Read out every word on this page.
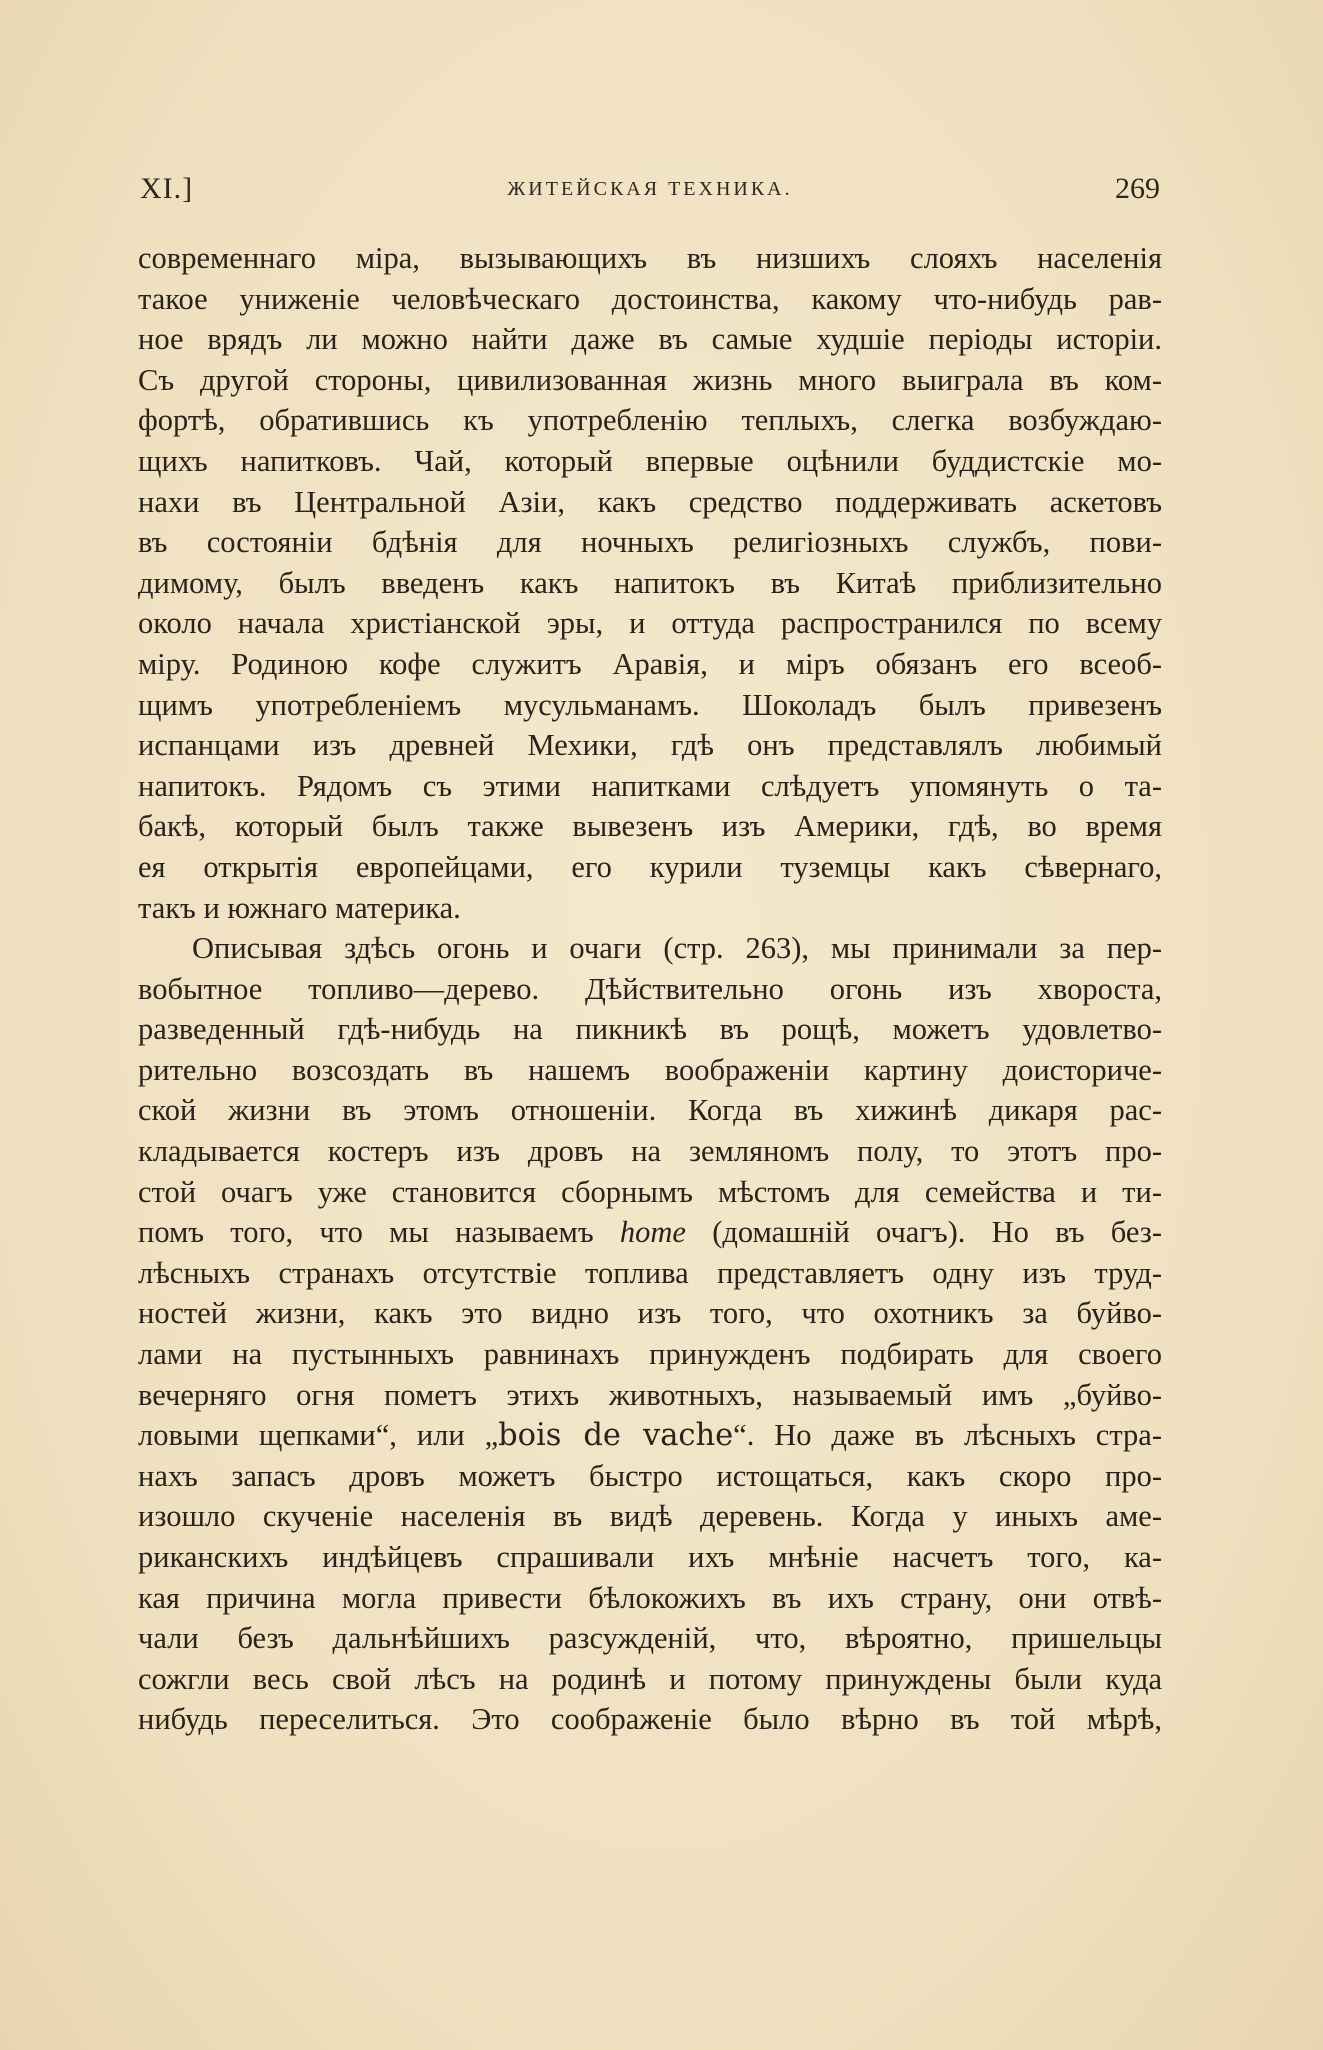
XI.]	ЖИТЕЙСКАЯ ТЕХНИКА.	269
современнаго міра, вызывающихъ въ низшихъ слояхъ населенія
такое униженіе человѣческаго достоинства, какому что-нибудь рав-
ное врядъ ли можно найти даже въ самые худшіе періоды исторіи.
Съ другой стороны, цивилизованная жизнь много выиграла въ ком-
фортѣ, обратившись къ употребленію теплыхъ, слегка возбуждаю-
щихъ напитковъ. Чай, который впервые оцѣнили буддистскіе мо-
нахи въ Центральной Азіи, какъ средство поддерживать аскетовъ
въ состояніи бдѣнія для ночныхъ религіозныхъ службъ, пови-
димому, былъ введенъ какъ напитокъ въ Китаѣ приблизительно
около начала христіанской эры, и оттуда распространился по всему
міру. Родиною кофе служитъ Аравія, и міръ обязанъ его всеоб-
щимъ употребленіемъ мусульманамъ. Шоколадъ былъ привезенъ
испанцами изъ древней Мехики, гдѣ онъ представлялъ любимый
напитокъ. Рядомъ съ этими напитками слѣдуетъ упомянуть о та-
бакѣ, который былъ также вывезенъ изъ Америки, гдѣ, во время
ея открытія европейцами, его курили туземцы какъ сѣвернаго,
такъ и южнаго материка.
Описывая здѣсь огонь и очаги (стр. 263), мы принимали за пер-
вобытное топливо—дерево. Дѣйствительно огонь изъ хвороста,
разведенный гдѣ-нибудь на пикникѣ въ рощѣ, можетъ удовлетво-
рительно возсоздать въ нашемъ воображеніи картину доисториче-
ской жизни въ этомъ отношеніи. Когда въ хижинѣ дикаря рас-
кладывается костеръ изъ дровъ на земляномъ полу, то этотъ про-
стой очагъ уже становится сборнымъ мѣстомъ для семейства и ти-
помъ того, что мы называемъ home (домашній очагъ). Но въ без-
лѣсныхъ странахъ отсутствіе топлива представляетъ одну изъ труд-
ностей жизни, какъ это видно изъ того, что охотникъ за буйво-
лами на пустынныхъ равнинахъ принужденъ подбирать для своего
вечерняго огня пометъ этихъ животныхъ, называемый имъ „буйво-
ловыми щепками“, или „bois de vache“. Но даже въ лѣсныхъ стра-
нахъ запасъ дровъ можетъ быстро истощаться, какъ скоро про-
изошло скученіе населенія въ видѣ деревень. Когда у иныхъ аме-
риканскихъ индѣйцевъ спрашивали ихъ мнѣніе насчетъ того, ка-
кая причина могла привести бѣлокожихъ въ ихъ страну, они отвѣ-
чали безъ дальнѣйшихъ разсужденій, что, вѣроятно, пришельцы
сожгли весь свой лѣсъ на родинѣ и потому принуждены были куда
нибудь переселиться. Это соображеніе было вѣрно въ той мѣрѣ,
